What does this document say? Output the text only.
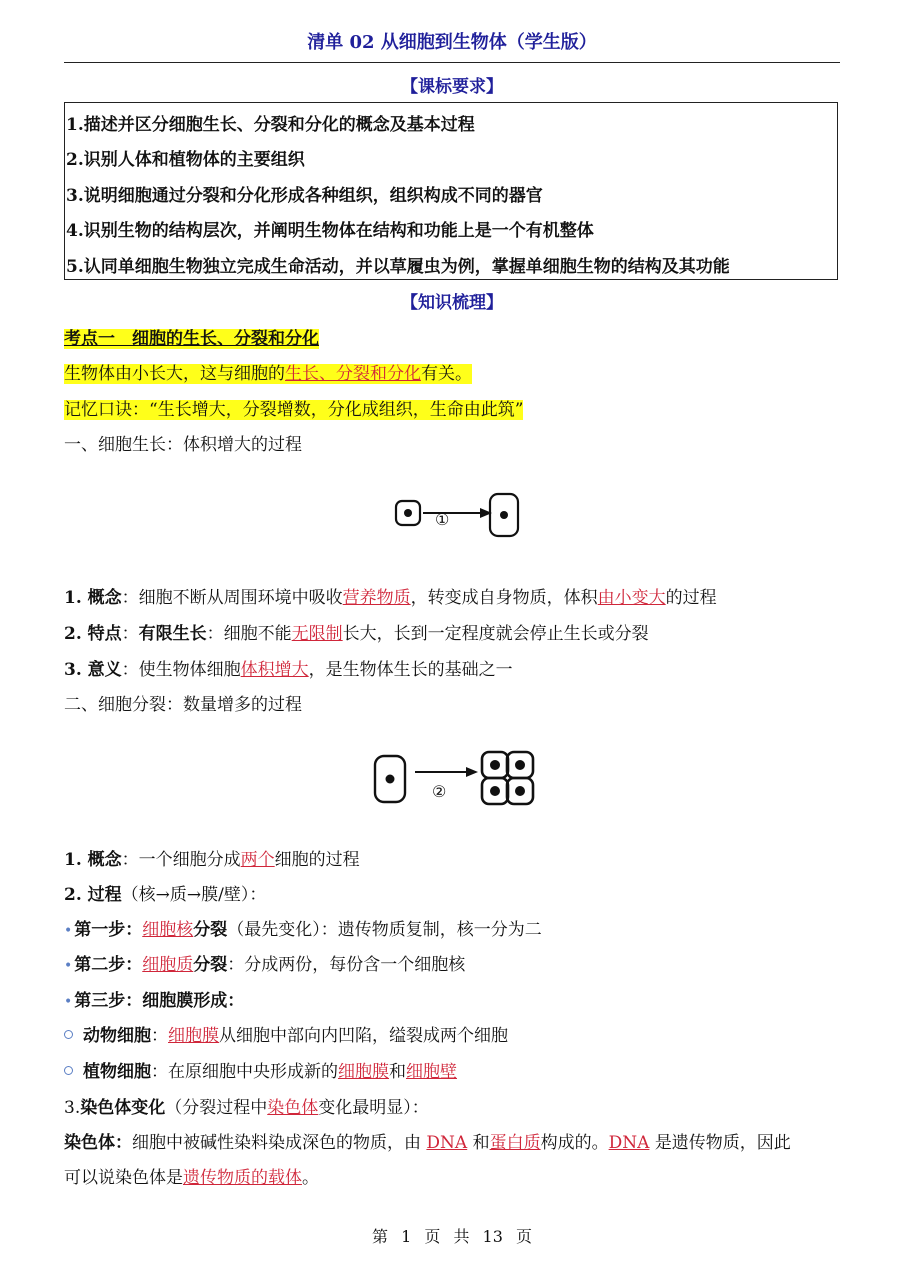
清单 02 从细胞到生物体（学生版）
【课标要求】
1.描述并区分细胞生长、分裂和分化的概念及基本过程
2.识别人体和植物体的主要组织
3.说明细胞通过分裂和分化形成各种组织，组织构成不同的器官
4.识别生物的结构层次，并阐明生物体在结构和功能上是一个有机整体
5.认同单细胞生物独立完成生命活动，并以草履虫为例，掌握单细胞生物的结构及其功能
【知识梳理】
考点一　细胞的生长、分裂和分化
生物体由小长大，这与细胞的生长、分裂和分化有关。
记忆口诀：“生长增大，分裂增数，分化成组织，生命由此筑”
一、细胞生长：体积增大的过程
①
1. 概念：细胞不断从周围环境中吸收营养物质，转变成自身物质，体积由小变大的过程
2. 特点：有限生长：细胞不能无限制长大，长到一定程度就会停止生长或分裂
3. 意义：使生物体细胞体积增大，是生物体生长的基础之一
二、细胞分裂：数量增多的过程
②
1. 概念：一个细胞分成两个细胞的过程
2. 过程（核→质→膜/壁）：
• 第一步：细胞核分裂（最先变化）：遗传物质复制，核一分为二
• 第二步：细胞质分裂：分成两份，每份含一个细胞核
• 第三步：细胞膜形成：
动物细胞：细胞膜从细胞中部向内凹陷，缢裂成两个细胞
植物细胞：在原细胞中央形成新的细胞膜和细胞壁
3.染色体变化（分裂过程中染色体变化最明显）：
染色体：细胞中被碱性染料染成深色的物质，由 DNA 和蛋白质构成的。DNA 是遗传物质，因此
可以说染色体是遗传物质的载体。
第 1 页 共 13 页
